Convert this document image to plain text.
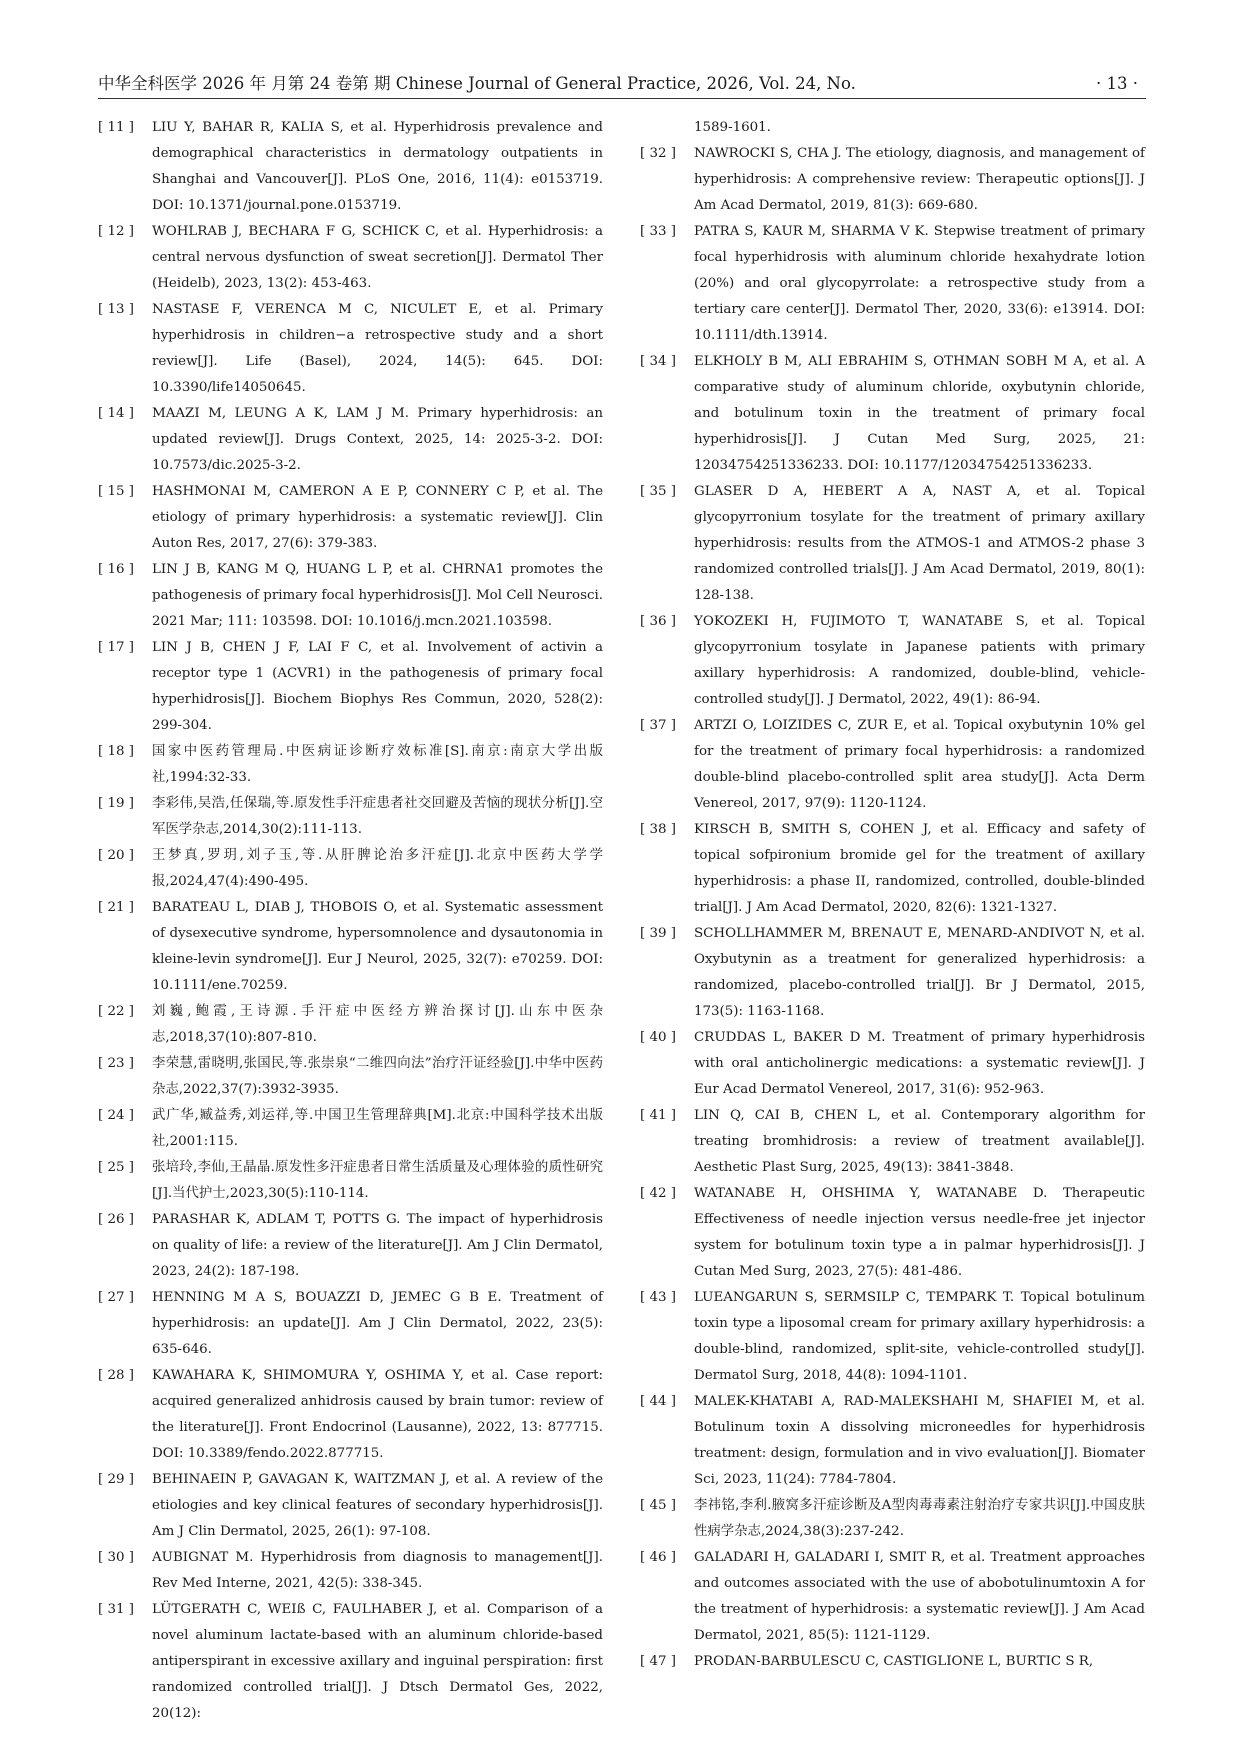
中华全科医学 2026 年 月第 24 卷第 期 Chinese Journal of General Practice, 2026, Vol. 24, No.	· 13 ·
[ 11 ]	LIU Y, BAHAR R, KALIA S, et al. Hyperhidrosis prevalence and demographical characteristics in dermatology outpatients in Shanghai and Vancouver[J]. PLoS One, 2016, 11(4): e0153719. DOI: 10.1371/journal.pone.0153719.
[ 12 ]	WOHLRAB J, BECHARA F G, SCHICK C, et al. Hyperhidrosis: a central nervous dysfunction of sweat secretion[J]. Dermatol Ther (Heidelb), 2023, 13(2): 453-463.
[ 13 ]	NASTASE F, VERENCA M C, NICULET E, et al. Primary hyperhidrosis in children−a retrospective study and a short review[J]. Life (Basel), 2024, 14(5): 645. DOI: 10.3390/life14050645.
[ 14 ]	MAAZI M, LEUNG A K, LAM J M. Primary hyperhidrosis: an updated review[J]. Drugs Context, 2025, 14: 2025-3-2. DOI: 10.7573/dic.2025-3-2.
[ 15 ]	HASHMONAI M, CAMERON A E P, CONNERY C P, et al. The etiology of primary hyperhidrosis: a systematic review[J]. Clin Auton Res, 2017, 27(6): 379-383.
[ 16 ]	LIN J B, KANG M Q, HUANG L P, et al. CHRNA1 promotes the pathogenesis of primary focal hyperhidrosis[J]. Mol Cell Neurosci. 2021 Mar; 111: 103598. DOI: 10.1016/j.mcn.2021.103598.
[ 17 ]	LIN J B, CHEN J F, LAI F C, et al. Involvement of activin a receptor type 1 (ACVR1) in the pathogenesis of primary focal hyperhidrosis[J]. Biochem Biophys Res Commun, 2020, 528(2): 299-304.
[ 18 ]	国家中医药管理局.中医病证诊断疗效标准[S].南京:南京大学出版社,1994:32-33.
[ 19 ]	李彩伟,吴浩,任保瑞,等.原发性手汗症患者社交回避及苦恼的现状分析[J].空军医学杂志,2014,30(2):111-113.
[ 20 ]	王梦真,罗玥,刘子玉,等.从肝脾论治多汗症[J].北京中医药大学学报,2024,47(4):490-495.
[ 21 ]	BARATEAU L, DIAB J, THOBOIS O, et al. Systematic assessment of dysexecutive syndrome, hypersomnolence and dysautonomia in kleine-levin syndrome[J]. Eur J Neurol, 2025, 32(7): e70259. DOI: 10.1111/ene.70259.
[ 22 ]	刘巍,鲍霞,王诗源.手汗症中医经方辨治探讨[J].山东中医杂志,2018,37(10):807-810.
[ 23 ]	李荣慧,雷晓明,张国民,等.张崇泉“二维四向法”治疗汗证经验[J].中华中医药杂志,2022,37(7):3932-3935.
[ 24 ]	武广华,臧益秀,刘运祥,等.中国卫生管理辞典[M].北京:中国科学技术出版社,2001:115.
[ 25 ]	张培玲,李仙,王晶晶.原发性多汗症患者日常生活质量及心理体验的质性研究[J].当代护士,2023,30(5):110-114.
[ 26 ]	PARASHAR K, ADLAM T, POTTS G. The impact of hyperhidrosis on quality of life: a review of the literature[J]. Am J Clin Dermatol, 2023, 24(2): 187-198.
[ 27 ]	HENNING M A S, BOUAZZI D, JEMEC G B E. Treatment of hyperhidrosis: an update[J]. Am J Clin Dermatol, 2022, 23(5): 635-646.
[ 28 ]	KAWAHARA K, SHIMOMURA Y, OSHIMA Y, et al. Case report: acquired generalized anhidrosis caused by brain tumor: review of the literature[J]. Front Endocrinol (Lausanne), 2022, 13: 877715. DOI: 10.3389/fendo.2022.877715.
[ 29 ]	BEHINAEIN P, GAVAGAN K, WAITZMAN J, et al. A review of the etiologies and key clinical features of secondary hyperhidrosis[J]. Am J Clin Dermatol, 2025, 26(1): 97-108.
[ 30 ]	AUBIGNAT M. Hyperhidrosis from diagnosis to management[J]. Rev Med Interne, 2021, 42(5): 338-345.
[ 31 ]	LÜTGERATH C, WEIß C, FAULHABER J, et al. Comparison of a novel aluminum lactate-based with an aluminum chloride-based antiperspirant in excessive axillary and inguinal perspiration: first randomized controlled trial[J]. J Dtsch Dermatol Ges, 2022, 20(12):
1589-1601.
[ 32 ]	NAWROCKI S, CHA J. The etiology, diagnosis, and management of hyperhidrosis: A comprehensive review: Therapeutic options[J]. J Am Acad Dermatol, 2019, 81(3): 669-680.
[ 33 ]	PATRA S, KAUR M, SHARMA V K. Stepwise treatment of primary focal hyperhidrosis with aluminum chloride hexahydrate lotion (20%) and oral glycopyrrolate: a retrospective study from a tertiary care center[J]. Dermatol Ther, 2020, 33(6): e13914. DOI: 10.1111/dth.13914.
[ 34 ]	ELKHOLY B M, ALI EBRAHIM S, OTHMAN SOBH M A, et al. A comparative study of aluminum chloride, oxybutynin chloride, and botulinum toxin in the treatment of primary focal hyperhidrosis[J]. J Cutan Med Surg, 2025, 21: 12034754251336233. DOI: 10.1177/12034754251336233.
[ 35 ]	GLASER D A, HEBERT A A, NAST A, et al. Topical glycopyrronium tosylate for the treatment of primary axillary hyperhidrosis: results from the ATMOS-1 and ATMOS-2 phase 3 randomized controlled trials[J]. J Am Acad Dermatol, 2019, 80(1): 128-138.
[ 36 ]	YOKOZEKI H, FUJIMOTO T, WANATABE S, et al. Topical glycopyrronium tosylate in Japanese patients with primary axillary hyperhidrosis: A randomized, double-blind, vehicle-controlled study[J]. J Dermatol, 2022, 49(1): 86-94.
[ 37 ]	ARTZI O, LOIZIDES C, ZUR E, et al. Topical oxybutynin 10% gel for the treatment of primary focal hyperhidrosis: a randomized double-blind placebo-controlled split area study[J]. Acta Derm Venereol, 2017, 97(9): 1120-1124.
[ 38 ]	KIRSCH B, SMITH S, COHEN J, et al. Efficacy and safety of topical sofpironium bromide gel for the treatment of axillary hyperhidrosis: a phase II, randomized, controlled, double-blinded trial[J]. J Am Acad Dermatol, 2020, 82(6): 1321-1327.
[ 39 ]	SCHOLLHAMMER M, BRENAUT E, MENARD-ANDIVOT N, et al. Oxybutynin as a treatment for generalized hyperhidrosis: a randomized, placebo-controlled trial[J]. Br J Dermatol, 2015, 173(5): 1163-1168.
[ 40 ]	CRUDDAS L, BAKER D M. Treatment of primary hyperhidrosis with oral anticholinergic medications: a systematic review[J]. J Eur Acad Dermatol Venereol, 2017, 31(6): 952-963.
[ 41 ]	LIN Q, CAI B, CHEN L, et al. Contemporary algorithm for treating bromhidrosis: a review of treatment available[J]. Aesthetic Plast Surg, 2025, 49(13): 3841-3848.
[ 42 ]	WATANABE H, OHSHIMA Y, WATANABE D. Therapeutic Effectiveness of needle injection versus needle-free jet injector system for botulinum toxin type a in palmar hyperhidrosis[J]. J Cutan Med Surg, 2023, 27(5): 481-486.
[ 43 ]	LUEANGARUN S, SERMSILP C, TEMPARK T. Topical botulinum toxin type a liposomal cream for primary axillary hyperhidrosis: a double-blind, randomized, split-site, vehicle-controlled study[J]. Dermatol Surg, 2018, 44(8): 1094-1101.
[ 44 ]	MALEK-KHATABI A, RAD-MALEKSHAHI M, SHAFIEI M, et al. Botulinum toxin A dissolving microneedles for hyperhidrosis treatment: design, formulation and in vivo evaluation[J]. Biomater Sci, 2023, 11(24): 7784-7804.
[ 45 ]	李祎铭,李利.腋窝多汗症诊断及A型肉毒毒素注射治疗专家共识[J].中国皮肤性病学杂志,2024,38(3):237-242.
[ 46 ]	GALADARI H, GALADARI I, SMIT R, et al. Treatment approaches and outcomes associated with the use of abobotulinumtoxin A for the treatment of hyperhidrosis: a systematic review[J]. J Am Acad Dermatol, 2021, 85(5): 1121-1129.
[ 47 ]	PRODAN-BARBULESCU C, CASTIGLIONE L, BURTIC S R,
